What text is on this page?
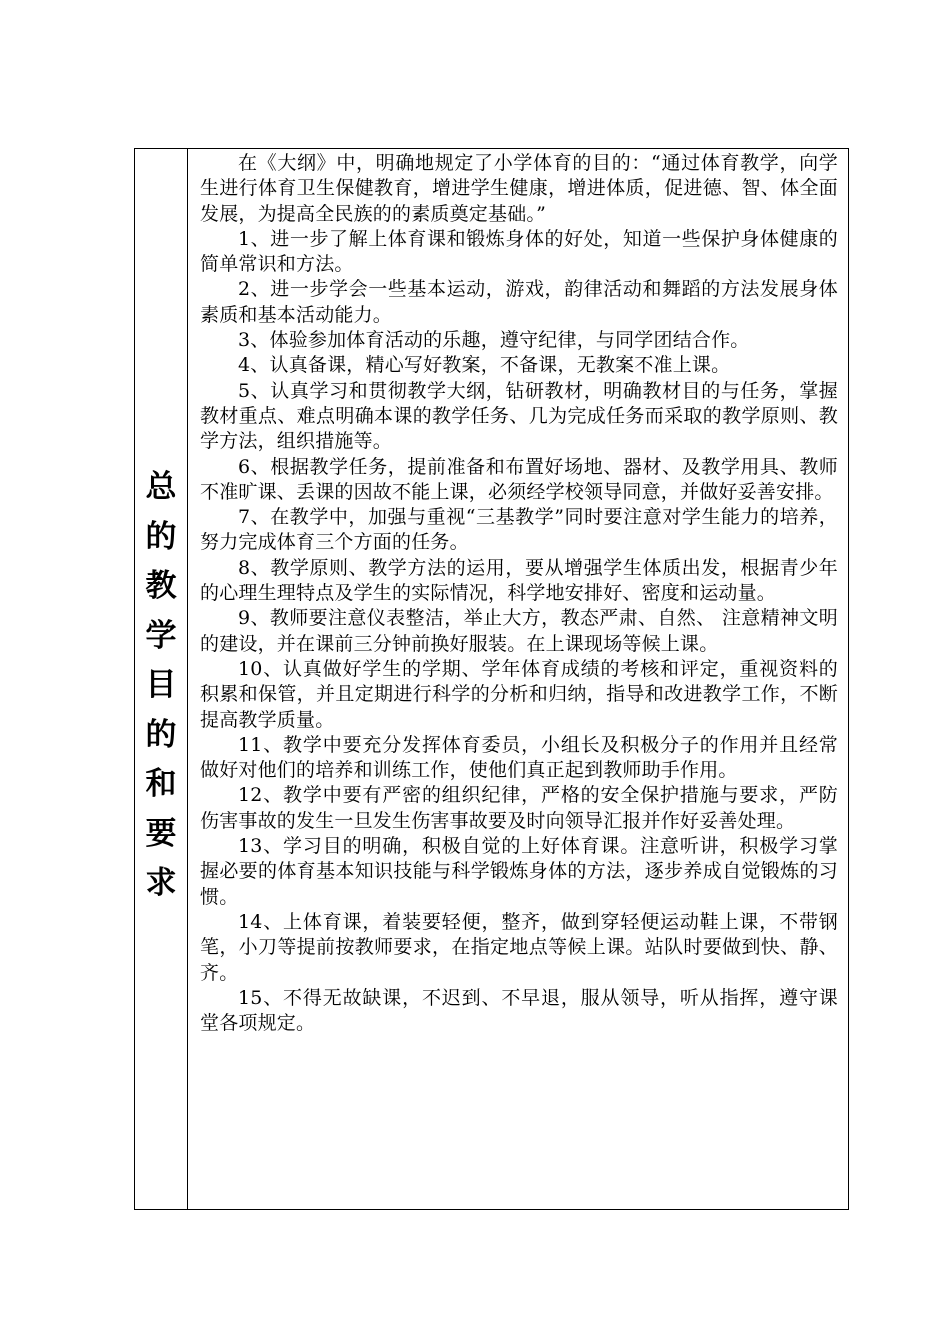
总
的
教
学
目
的
和
要
求

在《大纲》中，明确地规定了小学体育的目的：“通过体育教学，向学生进行体育卫生保健教育，增进学生健康，增进体质，促进德、智、体全面发展，为提高全民族的的素质奠定基础。”

1、进一步了解上体育课和锻炼身体的好处，知道一些保护身体健康的简单常识和方法。

2、进一步学会一些基本运动，游戏，韵律活动和舞蹈的方法发展身体素质和基本活动能力。

3、体验参加体育活动的乐趣，遵守纪律，与同学团结合作。

4、认真备课，精心写好教案，不备课，无教案不准上课。

5、认真学习和贯彻教学大纲，钻研教材，明确教材目的与任务，掌握教材重点、难点明确本课的教学任务、几为完成任务而采取的教学原则、教学方法，组织措施等。

6、根据教学任务，提前准备和布置好场地、器材、及教学用具、教师不准旷课、丢课的因故不能上课，必须经学校领导同意，并做好妥善安排。

7、在教学中，加强与重视“三基教学”同时要注意对学生能力的培养，努力完成体育三个方面的任务。

8、教学原则、教学方法的运用，要从增强学生体质出发，根据青少年的心理生理特点及学生的实际情况，科学地安排好、密度和运动量。

9、教师要注意仪表整洁，举止大方，教态严肃、自然、 注意精神文明的建设，并在课前三分钟前换好服装。在上课现场等候上课。

10、认真做好学生的学期、学年体育成绩的考核和评定，重视资料的积累和保管，并且定期进行科学的分析和归纳，指导和改进教学工作，不断提高教学质量。

11、教学中要充分发挥体育委员，小组长及积极分子的作用并且经常做好对他们的培养和训练工作，使他们真正起到教师助手作用。

12、教学中要有严密的组织纪律，严格的安全保护措施与要求，严防伤害事故的发生一旦发生伤害事故要及时向领导汇报并作好妥善处理。

13、学习目的明确，积极自觉的上好体育课。注意听讲，积极学习掌握必要的体育基本知识技能与科学锻炼身体的方法，逐步养成自觉锻炼的习惯。

14、上体育课，着装要轻便，整齐，做到穿轻便运动鞋上课，不带钢笔，小刀等提前按教师要求，在指定地点等候上课。站队时要做到快、静、齐。

15、不得无故缺课，不迟到、不早退，服从领导，听从指挥，遵守课堂各项规定。
